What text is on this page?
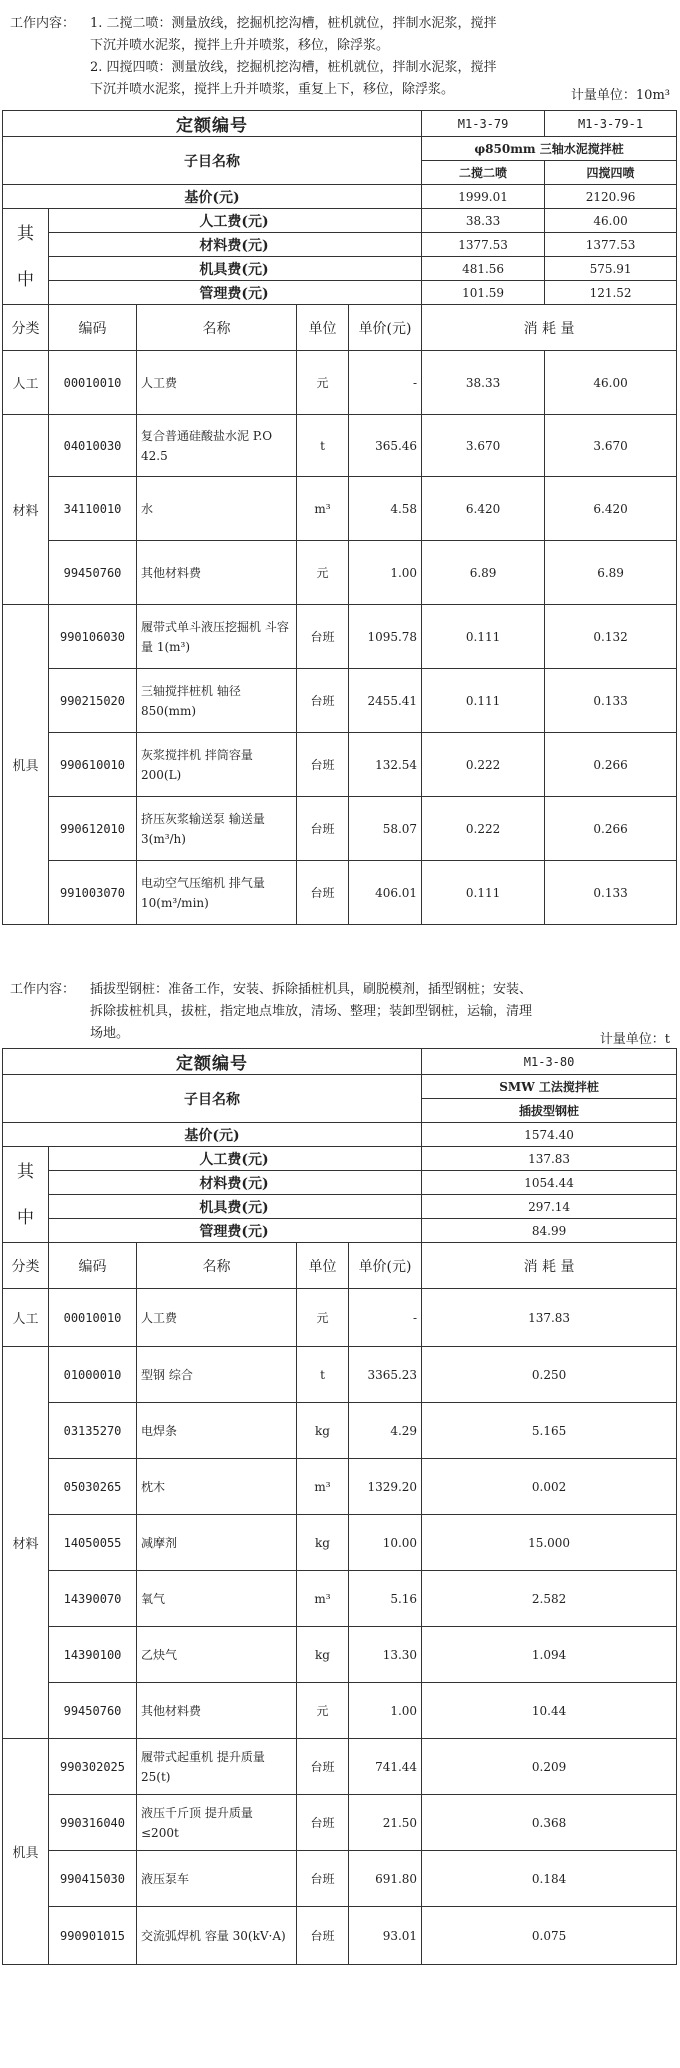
工作内容： 1. 二搅二喷：测量放线，挖掘机挖沟槽，桩机就位，拌制水泥浆，搅拌
下沉并喷水泥浆，搅拌上升并喷浆，移位，除浮浆。
2. 四搅四喷：测量放线，挖掘机挖沟槽，桩机就位，拌制水泥浆，搅拌
下沉并喷水泥浆，搅拌上升并喷浆，重复上下，移位，除浮浆。	计量单位：10m³
定额编号					M1-3-79	M1-3-79-1
子目名称					φ850mm 三轴水泥搅拌桩	
					二搅二喷	四搅四喷
基价(元)					1999.01	2120.96

其
中	人工费(元)				38.33	46.00
	材料费(元)				1377.53	1377.53
	机具费(元)				481.56	575.91
	管理费(元)				101.59	121.52
分类	编码	名称	单位	单价(元)	消 耗 量	
人工	00010010	人工费	元	-	38.33	46.00
材料	04010030	复合普通硅酸盐水泥 P.O 42.5	t	365.46	3.670	3.670
	34110010	水	m³	4.58	6.420	6.420
	99450760	其他材料费	元	1.00	6.89	6.89
机具	990106030	履带式单斗液压挖掘机 斗容量 1(m³)	台班	1095.78	0.111	0.132
	990215020	三轴搅拌桩机 轴径 850(mm)	台班	2455.41	0.111	0.133
	990610010	灰浆搅拌机 拌筒容量 200(L)	台班	132.54	0.222	0.266
	990612010	挤压灰浆输送泵 输送量 3(m³/h)	台班	58.07	0.222	0.266
	991003070	电动空气压缩机 排气量 10(m³/min)	台班	406.01	0.111	0.133
工作内容： 插拔型钢桩：准备工作，安装、拆除插桩机具，刷脱模剂，插型钢桩；安装、
拆除拔桩机具，拔桩，指定地点堆放，清场、整理；装卸型钢桩，运输，清理
场地。	计量单位：t
定额编号					M1-3-80
子目名称					SMW 工法搅拌桩
					插拔型钢桩
基价(元)					1574.40

其
中	人工费(元)				137.83
	材料费(元)				1054.44
	机具费(元)				297.14
	管理费(元)				84.99
分类	编码	名称	单位	单价(元)	消 耗 量
人工	00010010	人工费	元	-	137.83
材料	01000010	型钢 综合	t	3365.23	0.250
	03135270	电焊条	kg	4.29	5.165
	05030265	枕木	m³	1329.20	0.002
	14050055	减摩剂	kg	10.00	15.000
	14390070	氧气	m³	5.16	2.582
	14390100	乙炔气	kg	13.30	1.094
	99450760	其他材料费	元	1.00	10.44
机具	990302025	履带式起重机 提升质量 25(t)	台班	741.44	0.209
	990316040	液压千斤顶 提升质量 ≤200t	台班	21.50	0.368
	990415030	液压泵车	台班	691.80	0.184
	990901015	交流弧焊机 容量 30(kV·A)	台班	93.01	0.075
